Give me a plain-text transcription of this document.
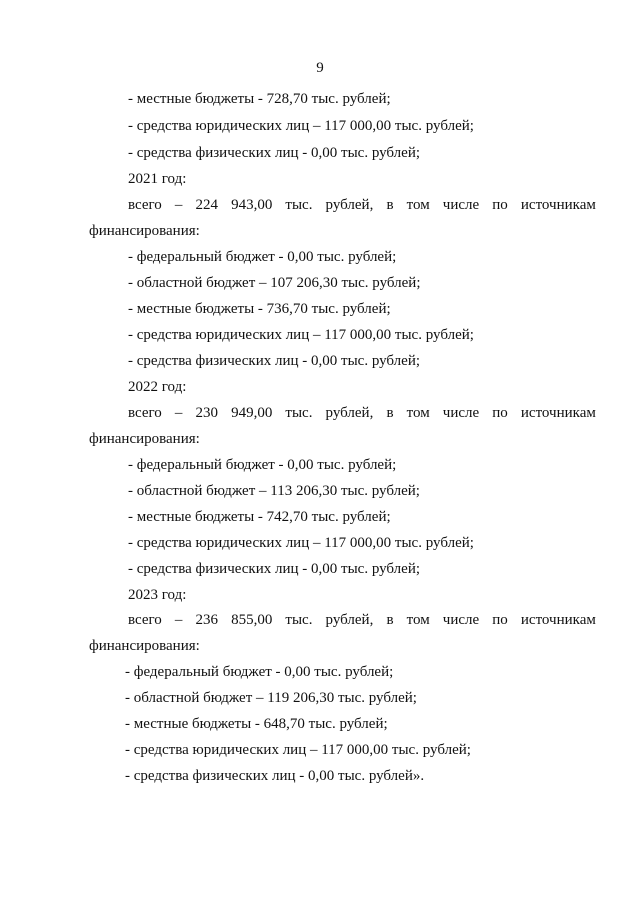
9
- местные бюджеты - 728,70 тыс. рублей;
- средства юридических лиц – 117 000,00 тыс. рублей;
- средства физических лиц - 0,00 тыс. рублей;
2021 год:
всего – 224 943,00 тыс. рублей, в том числе по источникам
финансирования:
- федеральный бюджет - 0,00 тыс. рублей;
- областной бюджет – 107 206,30 тыс. рублей;
- местные бюджеты - 736,70 тыс. рублей;
- средства юридических лиц – 117 000,00 тыс. рублей;
- средства физических лиц - 0,00 тыс. рублей;
2022 год:
всего – 230 949,00 тыс. рублей, в том числе по источникам
финансирования:
- федеральный бюджет - 0,00 тыс. рублей;
- областной бюджет – 113 206,30 тыс. рублей;
- местные бюджеты - 742,70 тыс. рублей;
- средства юридических лиц – 117 000,00 тыс. рублей;
- средства физических лиц - 0,00 тыс. рублей;
2023 год:
всего – 236 855,00 тыс. рублей, в том числе по источникам
финансирования:
- федеральный бюджет - 0,00 тыс. рублей;
- областной бюджет – 119 206,30 тыс. рублей;
- местные бюджеты - 648,70 тыс. рублей;
- средства юридических лиц – 117 000,00 тыс. рублей;
- средства физических лиц - 0,00 тыс. рублей».
